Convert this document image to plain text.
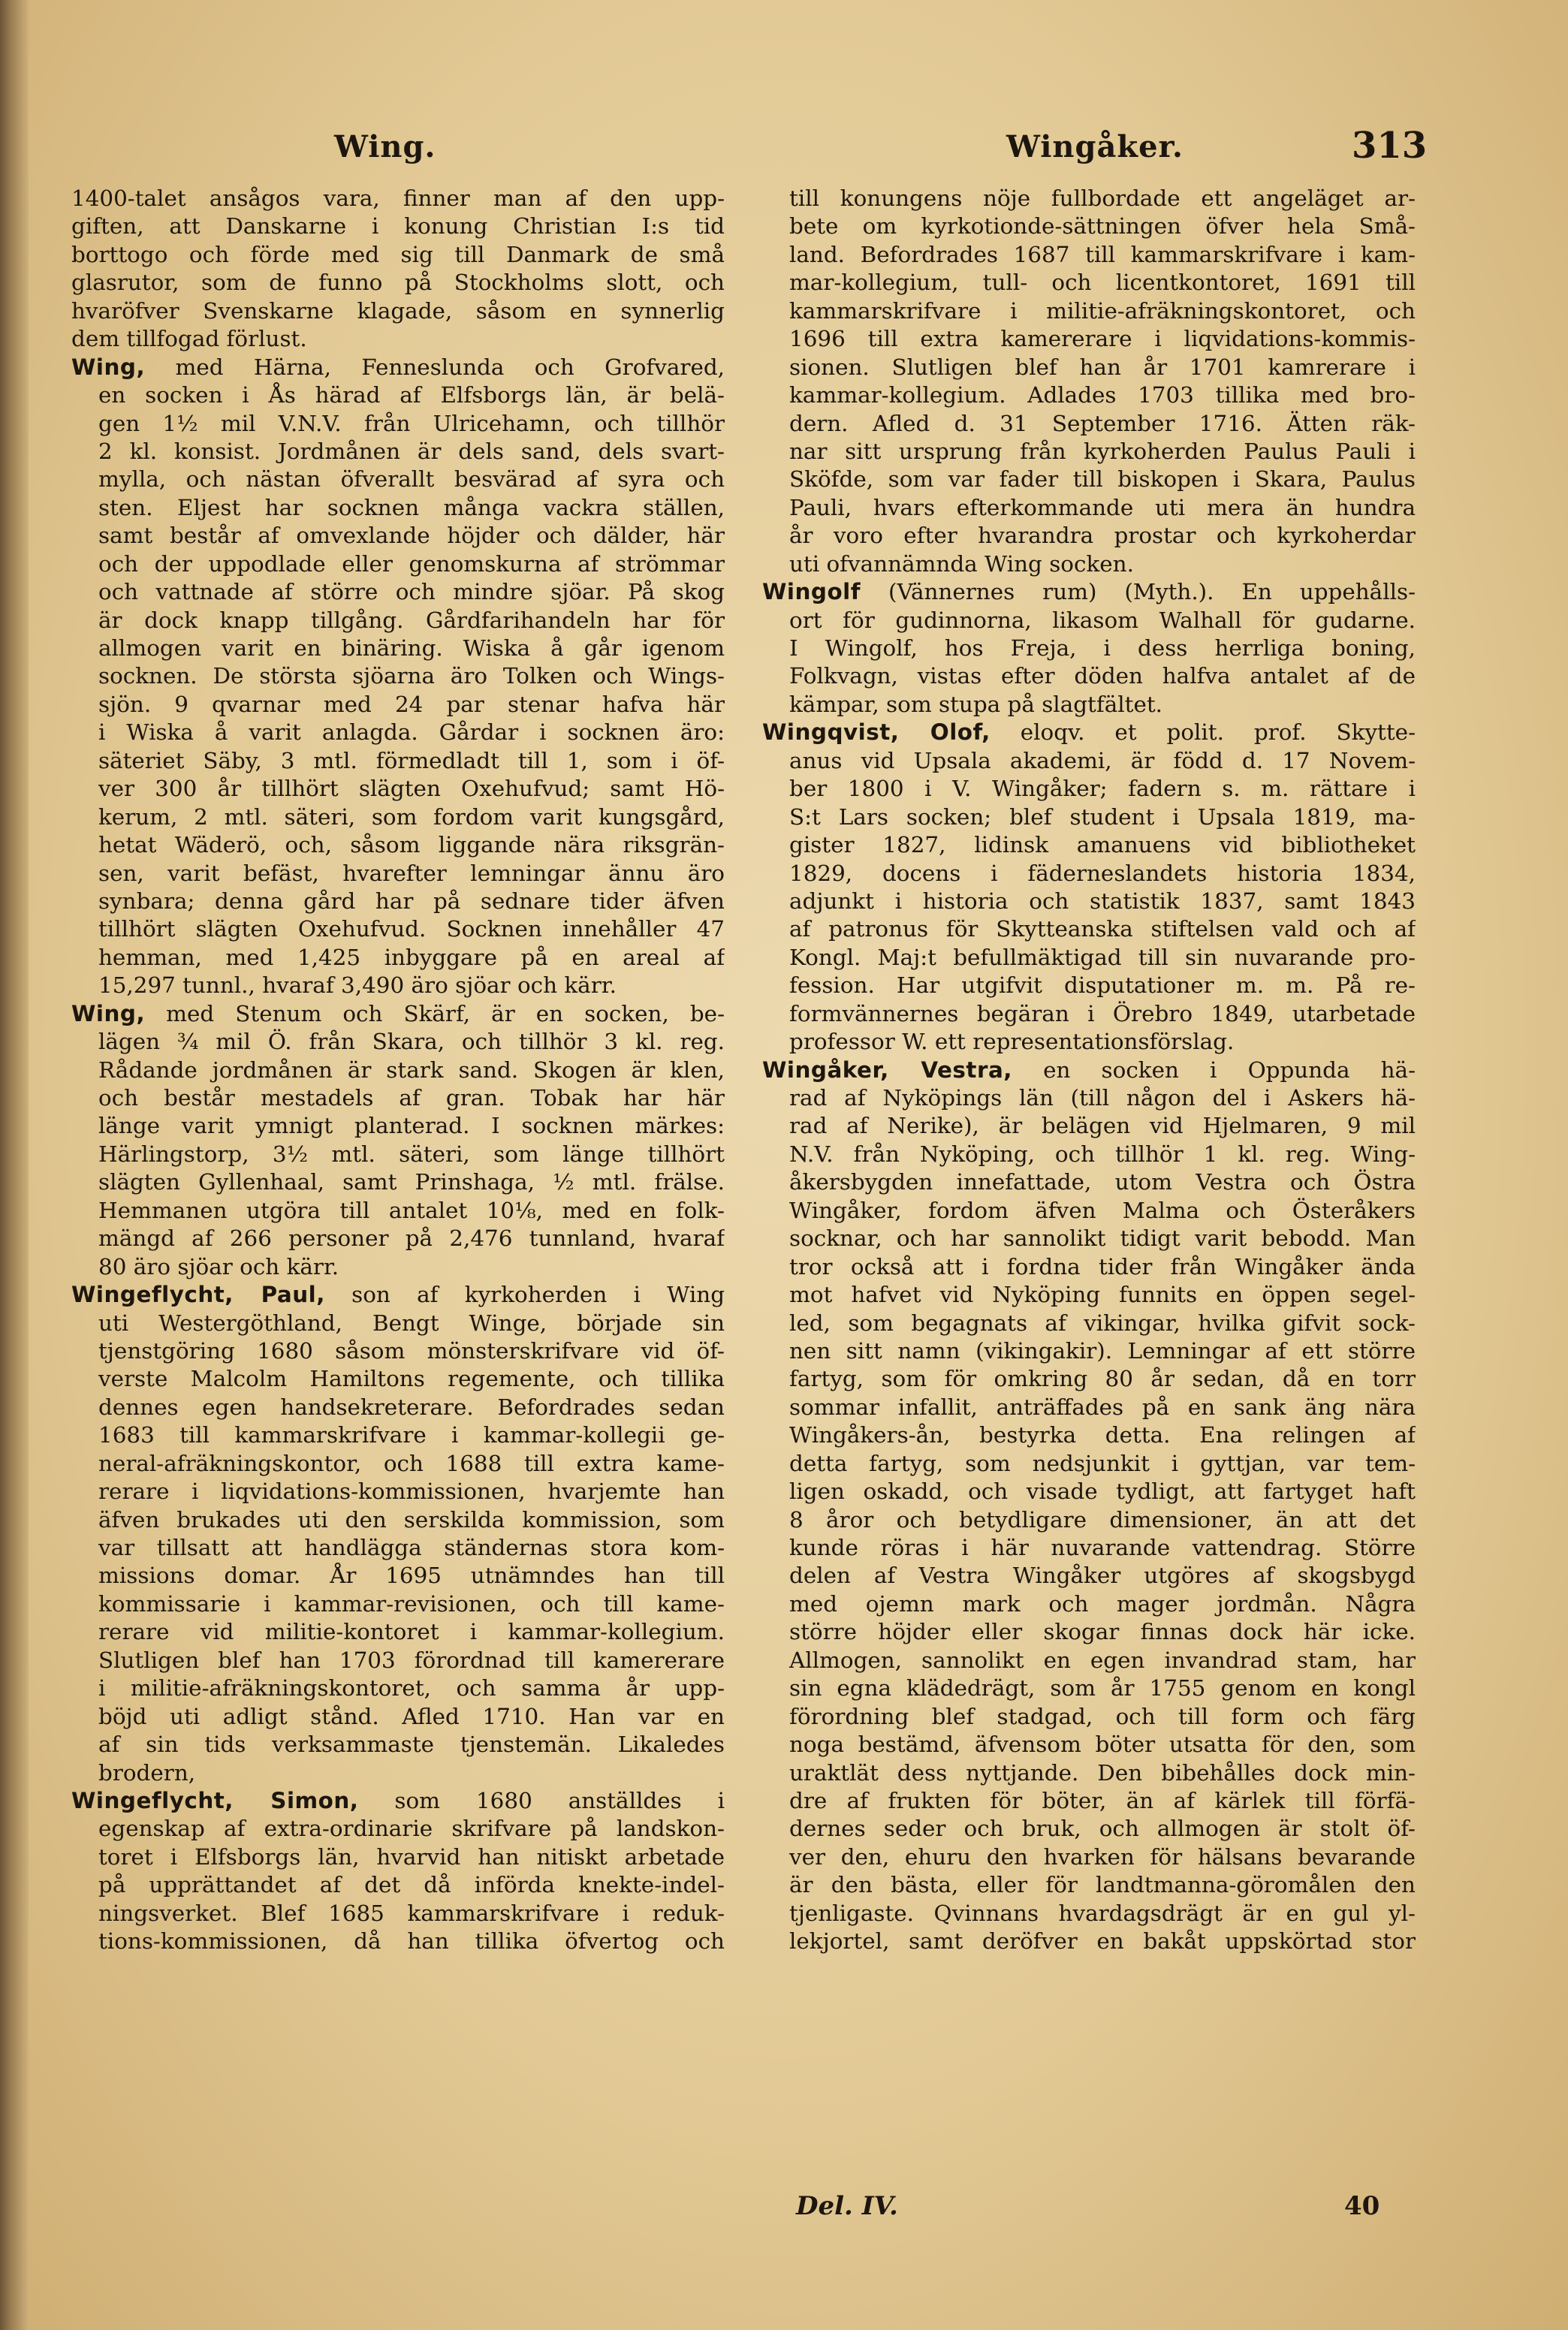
Wing.	Wingåker.	313
1400-talet ansågos vara, finner man af den upp-
giften, att Danskarne i konung Christian I:s tid
borttogo och förde med sig till Danmark de små
glasrutor, som de funno på Stockholms slott, och
hvaröfver Svenskarne klagade, såsom en synnerlig
dem tillfogad förlust.
Wing, med Härna, Fenneslunda och Grofvared,
en socken i Ås härad af Elfsborgs län, är belä-
gen 1½ mil V.N.V. från Ulricehamn, och tillhör
2 kl. konsist. Jordmånen är dels sand, dels svart-
mylla, och nästan öfverallt besvärad af syra och
sten. Eljest har socknen många vackra ställen,
samt består af omvexlande höjder och dälder, här
och der uppodlade eller genomskurna af strömmar
och vattnade af större och mindre sjöar. På skog
är dock knapp tillgång. Gårdfarihandeln har för
allmogen varit en binäring. Wiska å går igenom
socknen. De största sjöarna äro Tolken och Wings-
sjön. 9 qvarnar med 24 par stenar hafva här
i Wiska å varit anlagda. Gårdar i socknen äro:
säteriet Säby, 3 mtl. förmedladt till 1, som i öf-
ver 300 år tillhört slägten Oxehufvud; samt Hö-
kerum, 2 mtl. säteri, som fordom varit kungsgård,
hetat Wäderö, och, såsom liggande nära riksgrän-
sen, varit befäst, hvarefter lemningar ännu äro
synbara; denna gård har på sednare tider äfven
tillhört slägten Oxehufvud. Socknen innehåller 47
hemman, med 1,425 inbyggare på en areal af
15,297 tunnl., hvaraf 3,490 äro sjöar och kärr.
Wing, med Stenum och Skärf, är en socken, be-
lägen ¾ mil Ö. från Skara, och tillhör 3 kl. reg.
Rådande jordmånen är stark sand. Skogen är klen,
och består mestadels af gran. Tobak har här
länge varit ymnigt planterad. I socknen märkes:
Härlingstorp, 3½ mtl. säteri, som länge tillhört
slägten Gyllenhaal, samt Prinshaga, ½ mtl. frälse.
Hemmanen utgöra till antalet 10⅛, med en folk-
mängd af 266 personer på 2,476 tunnland, hvaraf
80 äro sjöar och kärr.
Wingeflycht, Paul, son af kyrkoherden i Wing
uti Westergöthland, Bengt Winge, började sin
tjenstgöring 1680 såsom mönsterskrifvare vid öf-
verste Malcolm Hamiltons regemente, och tillika
dennes egen handsekreterare. Befordrades sedan
1683 till kammarskrifvare i kammar-kollegii ge-
neral-afräkningskontor, och 1688 till extra kame-
rerare i liqvidations-kommissionen, hvarjemte han
äfven brukades uti den serskilda kommission, som
var tillsatt att handlägga ständernas stora kom-
missions domar. År 1695 utnämndes han till
kommissarie i kammar-revisionen, och till kame-
rerare vid militie-kontoret i kammar-kollegium.
Slutligen blef han 1703 förordnad till kamererare
i militie-afräkningskontoret, och samma år upp-
böjd uti adligt stånd. Afled 1710. Han var en
af sin tids verksammaste tjenstemän. Likaledes
brodern,
Wingeflycht, Simon, som 1680 anställdes i
egenskap af extra-ordinarie skrifvare på landskon-
toret i Elfsborgs län, hvarvid han nitiskt arbetade
på upprättandet af det då införda knekte-indel-
ningsverket. Blef 1685 kammarskrifvare i reduk-
tions-kommissionen, då han tillika öfvertog och
till konungens nöje fullbordade ett angeläget ar-
bete om kyrkotionde-sättningen öfver hela Små-
land. Befordrades 1687 till kammarskrifvare i kam-
mar-kollegium, tull- och licentkontoret, 1691 till
kammarskrifvare i militie-afräkningskontoret, och
1696 till extra kamererare i liqvidations-kommis-
sionen. Slutligen blef han år 1701 kamrerare i
kammar-kollegium. Adlades 1703 tillika med bro-
dern. Afled d. 31 September 1716. Ätten räk-
nar sitt ursprung från kyrkoherden Paulus Pauli i
Sköfde, som var fader till biskopen i Skara, Paulus
Pauli, hvars efterkommande uti mera än hundra
år voro efter hvarandra prostar och kyrkoherdar
uti ofvannämnda Wing socken.
Wingolf (Vännernes rum) (Myth.). En uppehålls-
ort för gudinnorna, likasom Walhall för gudarne.
I Wingolf, hos Freja, i dess herrliga boning,
Folkvagn, vistas efter döden halfva antalet af de
kämpar, som stupa på slagtfältet.
Wingqvist, Olof, eloqv. et polit. prof. Skytte-
anus vid Upsala akademi, är född d. 17 Novem-
ber 1800 i V. Wingåker; fadern s. m. rättare i
S:t Lars socken; blef student i Upsala 1819, ma-
gister 1827, lidinsk amanuens vid bibliotheket
1829, docens i fäderneslandets historia 1834,
adjunkt i historia och statistik 1837, samt 1843
af patronus för Skytteanska stiftelsen vald och af
Kongl. Maj:t befullmäktigad till sin nuvarande pro-
fession. Har utgifvit disputationer m. m. På re-
formvännernes begäran i Örebro 1849, utarbetade
professor W. ett representationsförslag.
Wingåker, Vestra, en socken i Oppunda hä-
rad af Nyköpings län (till någon del i Askers hä-
rad af Nerike), är belägen vid Hjelmaren, 9 mil
N.V. från Nyköping, och tillhör 1 kl. reg. Wing-
åkersbygden innefattade, utom Vestra och Östra
Wingåker, fordom äfven Malma och Österåkers
socknar, och har sannolikt tidigt varit bebodd. Man
tror också att i fordna tider från Wingåker ända
mot hafvet vid Nyköping funnits en öppen segel-
led, som begagnats af vikingar, hvilka gifvit sock-
nen sitt namn (vikingakir). Lemningar af ett större
fartyg, som för omkring 80 år sedan, då en torr
sommar infallit, anträffades på en sank äng nära
Wingåkers-ån, bestyrka detta. Ena relingen af
detta fartyg, som nedsjunkit i gyttjan, var tem-
ligen oskadd, och visade tydligt, att fartyget haft
8 åror och betydligare dimensioner, än att det
kunde röras i här nuvarande vattendrag. Större
delen af Vestra Wingåker utgöres af skogsbygd
med ojemn mark och mager jordmån. Några
större höjder eller skogar finnas dock här icke.
Allmogen, sannolikt en egen invandrad stam, har
sin egna klädedrägt, som år 1755 genom en kongl
förordning blef stadgad, och till form och färg
noga bestämd, äfvensom böter utsatta för den, som
uraktlät dess nyttjande. Den bibehålles dock min-
dre af frukten för böter, än af kärlek till förfä-
dernes seder och bruk, och allmogen är stolt öf-
ver den, ehuru den hvarken för hälsans bevarande
är den bästa, eller för landtmanna-göromålen den
tjenligaste. Qvinnans hvardagsdrägt är en gul yl-
lekjortel, samt deröfver en bakåt uppskörtad stor
Del. IV.	40
